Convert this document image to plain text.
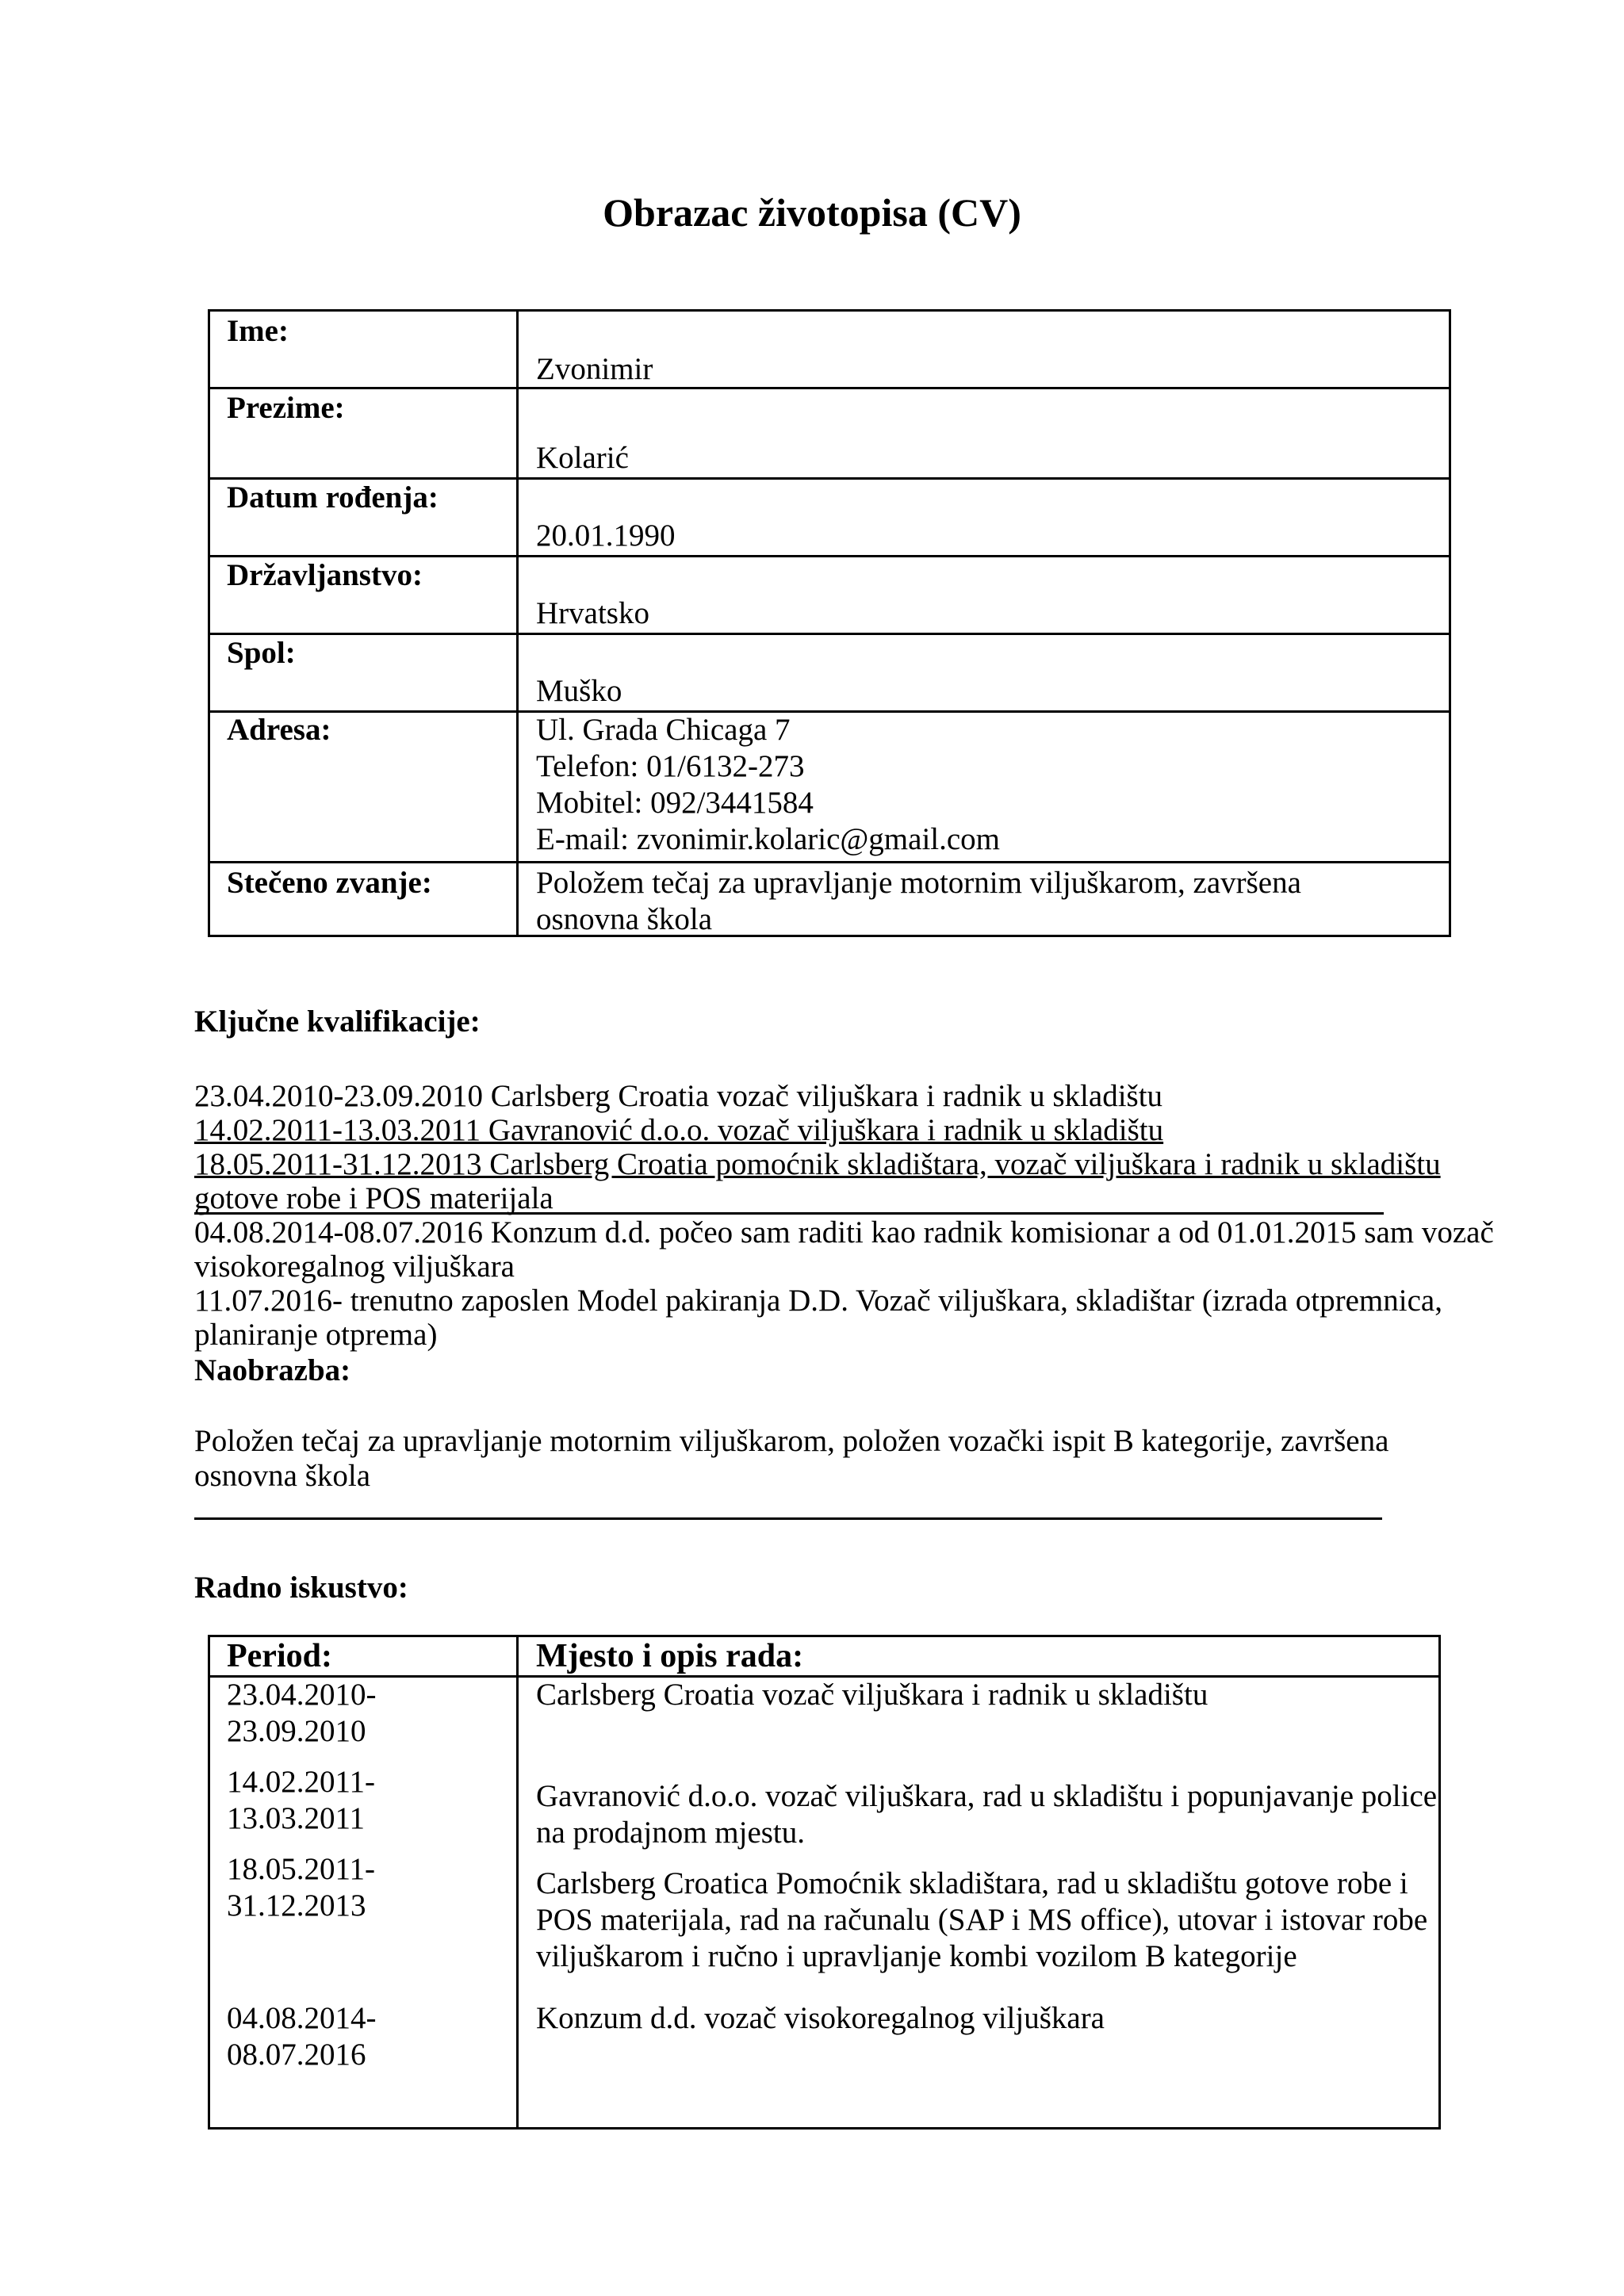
Obrazac životopisa (CV)
Ime:
Zvonimir
Prezime:
Kolarić
Datum rođenja:
20.01.1990
Državljanstvo:
Hrvatsko
Spol:
Muško
Adresa:	Ul. Grada Chicaga 7
Telefon: 01/6132-273
Mobitel: 092/3441584
E-mail: zvonimir.kolaric@gmail.com
Stečeno zvanje:	Položem tečaj za upravljanje motornim viljuškarom, završena
osnovna škola
Ključne kvalifikacije:
23.04.2010-23.09.2010 Carlsberg Croatia vozač viljuškara i radnik u skladištu
14.02.2011-13.03.2011 Gavranović d.o.o. vozač viljuškara i radnik u skladištu
18.05.2011-31.12.2013 Carlsberg Croatia pomoćnik skladištara, vozač viljuškara i radnik u skladištu
gotove robe i POS materijala
04.08.2014-08.07.2016 Konzum d.d. počeo sam raditi kao radnik komisionar a od 01.01.2015 sam vozač
visokoregalnog viljuškara
11.07.2016- trenutno zaposlen Model pakiranja D.D. Vozač viljuškara, skladištar (izrada otpremnica,
planiranje otprema)
Naobrazba:
Položen tečaj za upravljanje motornim viljuškarom, položen vozački ispit B kategorije, završena
osnovna škola
Radno iskustvo:
Period:	Mjesto i opis rada:
23.04.2010-
23.09.2010
Carlsberg Croatia vozač viljuškara i radnik u skladištu
14.02.2011-
13.03.2011
Gavranović d.o.o. vozač viljuškara, rad u skladištu i popunjavanje police
na prodajnom mjestu.
18.05.2011-
31.12.2013
Carlsberg Croatica Pomoćnik skladištara, rad u skladištu gotove robe i
POS materijala, rad na računalu (SAP i MS office), utovar i istovar robe
viljuškarom i ručno i upravljanje kombi vozilom B kategorije
04.08.2014-
08.07.2016
Konzum d.d. vozač visokoregalnog viljuškara
